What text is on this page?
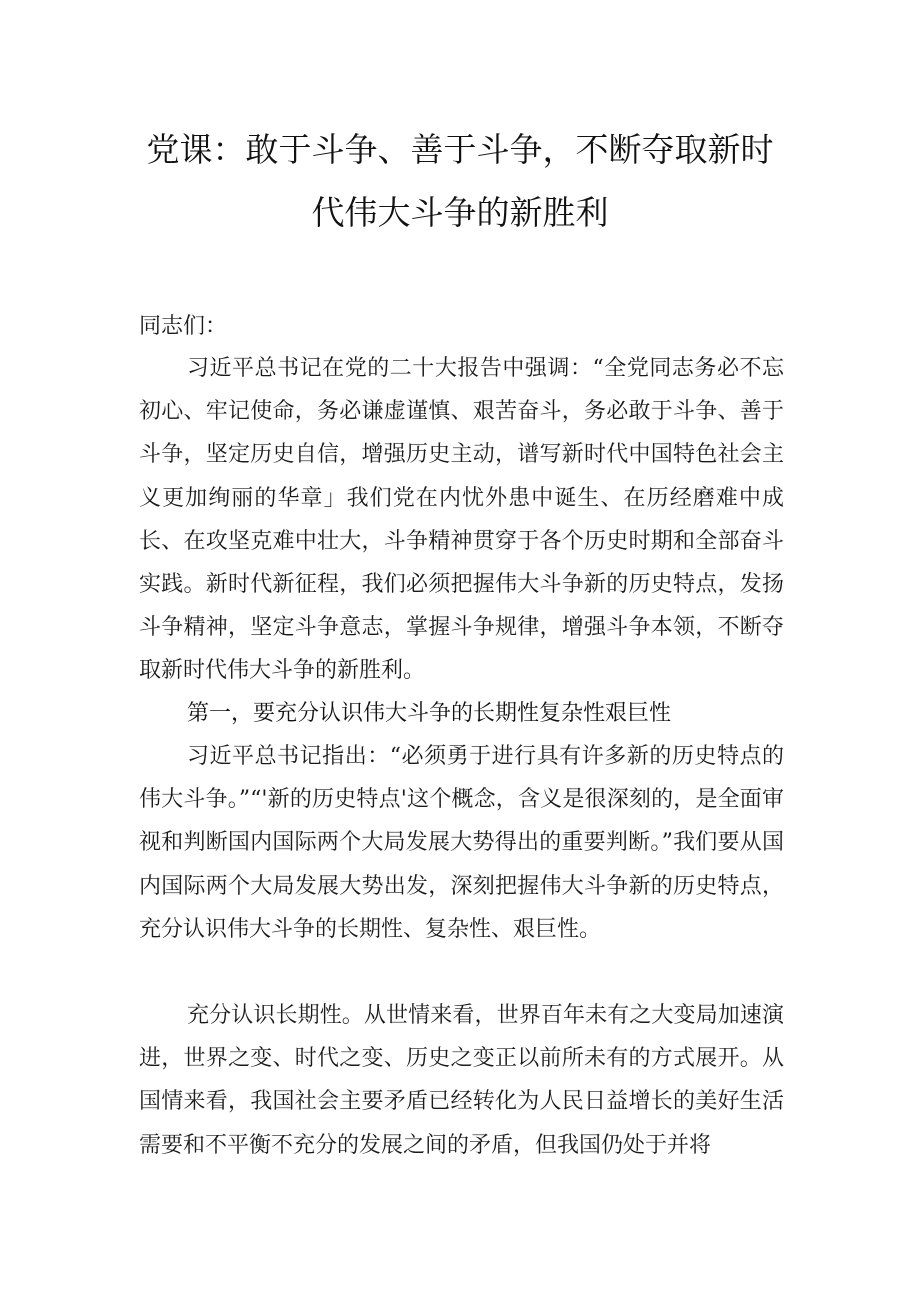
党课：敢于斗争、善于斗争，不断夺取新时
代伟大斗争的新胜利
同志们：

习近平总书记在党的二十大报告中强调：“全党同志务必不忘初心、牢记使命，务必谦虚谨慎、艰苦奋斗，务必敢于斗争、善于斗争，坚定历史自信，增强历史主动，谱写新时代中国特色社会主义更加绚丽的华章」我们党在内忧外患中诞生、在历经磨难中成长、在攻坚克难中壮大，斗争精神贯穿于各个历史时期和全部奋斗实践。新时代新征程，我们必须把握伟大斗争新的历史特点，发扬斗争精神，坚定斗争意志，掌握斗争规律，增强斗争本领，不断夺取新时代伟大斗争的新胜利。

第一，要充分认识伟大斗争的长期性复杂性艰巨性

习近平总书记指出：“必须勇于进行具有许多新的历史特点的伟大斗争。”“'新的历史特点'这个概念，含义是很深刻的，是全面审视和判断国内国际两个大局发展大势得出的重要判断。”我们要从国内国际两个大局发展大势出发，深刻把握伟大斗争新的历史特点，充分认识伟大斗争的长期性、复杂性、艰巨性。

充分认识长期性。从世情来看，世界百年未有之大变局加速演进，世界之变、时代之变、历史之变正以前所未有的方式展开。从国情来看，我国社会主要矛盾已经转化为人民日益增长的美好生活需要和不平衡不充分的发展之间的矛盾，但我国仍处于并将
